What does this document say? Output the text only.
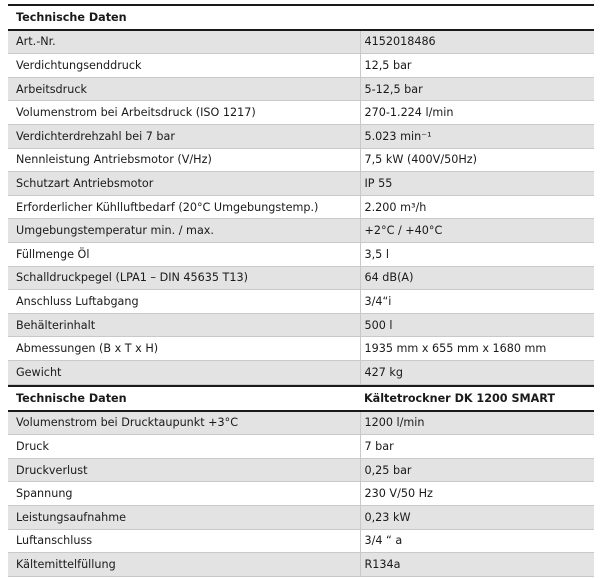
Technische Daten	
Art.-Nr.	4152018486
Verdichtungsenddruck	12,5 bar
Arbeitsdruck	5-12,5 bar
Volumenstrom bei Arbeitsdruck (ISO 1217)	270-1.224 l/min
Verdichterdrehzahl bei 7 bar	5.023 min⁻¹
Nennleistung Antriebsmotor (V/Hz)	7,5 kW (400V/50Hz)
Schutzart Antriebsmotor	IP 55
Erforderlicher Kühlluftbedarf (20°C Umgebungstemp.)	2.200 m³/h
Umgebungstemperatur min. / max.	+2°C / +40°C
Füllmenge Öl	3,5 l
Schalldruckpegel (LPA1 – DIN 45635 T13)	64 dB(A)
Anschluss Luftabgang	3/4“i
Behälterinhalt	500 l
Abmessungen (B x T x H)	1935 mm x 655 mm x 1680 mm
Gewicht	427 kg
Technische Daten	Kältetrockner DK 1200 SMART
Volumenstrom bei Drucktaupunkt +3°C	1200 l/min
Druck	7 bar
Druckverlust	0,25 bar
Spannung	230 V/50 Hz
Leistungsaufnahme	0,23 kW
Luftanschluss	3/4 “ a
Kältemittelfüllung	R134a
